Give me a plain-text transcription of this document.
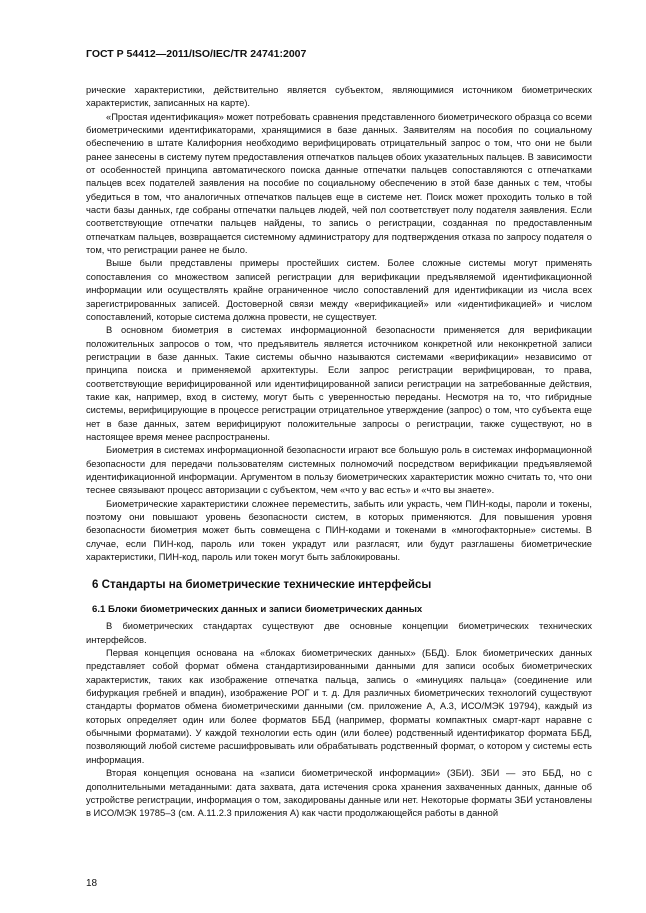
ГОСТ Р 54412—2011/ISO/IEC/TR 24741:2007

рические характеристики, действительно является субъектом, являющимися источником биометрических характеристик, записанных на карте).

«Простая идентификация» может потребовать сравнения представленного биометрического образца со всеми биометрическими идентификаторами, хранящимися в базе данных. Заявителям на пособия по социальному обеспечению в штате Калифорния необходимо верифицировать отрицательный запрос о том, что они не были ранее занесены в систему путем предоставления отпечатков пальцев обоих указательных пальцев. В зависимости от особенностей принципа автоматического поиска данные отпечатки пальцев сопоставляются с отпечатками пальцев всех подателей заявления на пособие по социальному обеспечению в этой базе данных с тем, чтобы убедиться в том, что аналогичных отпечатков пальцев еще в системе нет. Поиск может проходить только в той части базы данных, где собраны отпечатки пальцев людей, чей пол соответствует полу подателя заявления. Если соответствующие отпечатки пальцев найдены, то запись о регистрации, созданная по предоставленным отпечаткам пальцев, возвращается системному администратору для подтверждения отказа по запросу подателя о том, что регистрации ранее не было.

Выше были представлены примеры простейших систем. Более сложные системы могут применять сопоставления со множеством записей регистрации для верификации предъявляемой идентификационной информации или осуществлять крайне ограниченное число сопоставлений для идентификации из числа всех зарегистрированных записей. Достоверной связи между «верификацией» или «идентификацией» и числом сопоставлений, которые система должна провести, не существует.

В основном биометрия в системах информационной безопасности применяется для верификации положительных запросов о том, что предъявитель является источником конкретной или неконкретной записи регистрации в базе данных. Такие системы обычно называются системами «верификации» независимо от принципа поиска и применяемой архитектуры. Если запрос регистрации верифицирован, то права, соответствующие верифицированной или идентифицированной записи регистрации на затребованные действия, такие как, например, вход в систему, могут быть с уверенностью переданы. Несмотря на то, что гибридные системы, верифицирующие в процессе регистрации отрицательное утверждение (запрос) о том, что субъекта еще нет в базе данных, затем верифицируют положительные запросы о регистрации, также существуют, но в настоящее время менее распространены.

Биометрия в системах информационной безопасности играют все большую роль в системах информационной безопасности для передачи пользователям системных полномочий посредством верификации предъявляемой идентификационной информации. Аргументом в пользу биометрических характеристик можно считать то, что они теснее связывают процесс авторизации с субъектом, чем «что у вас есть» и «что вы знаете».

Биометрические характеристики сложнее переместить, забыть или украсть, чем ПИН-коды, пароли и токены, поэтому они повышают уровень безопасности систем, в которых применяются. Для повышения уровня безопасности биометрия может быть совмещена с ПИН-кодами и токенами в «многофакторные» системы. В случае, если ПИН-код, пароль или токен украдут или разгласят, или будут разглашены биометрические характеристики, ПИН-код, пароль или токен могут быть заблокированы.

6 Стандарты на биометрические технические интерфейсы
6.1 Блоки биометрических данных и записи биометрических данных

В биометрических стандартах существуют две основные концепции биометрических технических интерфейсов.

Первая концепция основана на «блоках биометрических данных» (ББД). Блок биометрических данных представляет собой формат обмена стандартизированными данными для записи особых биометрических характеристик, таких как изображение отпечатка пальца, запись о «минуциях пальца» (соединение или бифуркация гребней и впадин), изображение РОГ и т. д. Для различных биометрических технологий существуют стандарты форматов обмена биометрическими данными (см. приложение А, А.3, ИСО/МЭК 19794), каждый из которых определяет один или более форматов ББД (например, форматы компактных смарт-карт наравне с обычными форматами). У каждой технологии есть один (или более) родственный идентификатор формата ББД, позволяющий любой системе расшифровывать или обрабатывать родственный формат, о котором у системы есть информация.

Вторая концепция основана на «записи биометрической информации» (ЗБИ). ЗБИ — это ББД, но с дополнительными метаданными: дата захвата, дата истечения срока хранения захваченных данных, данные об устройстве регистрации, информация о том, закодированы данные или нет. Некоторые форматы ЗБИ установлены в ИСО/МЭК 19785–3 (см. А.11.2.3 приложения А) как части продолжающейся работы в данной

18
